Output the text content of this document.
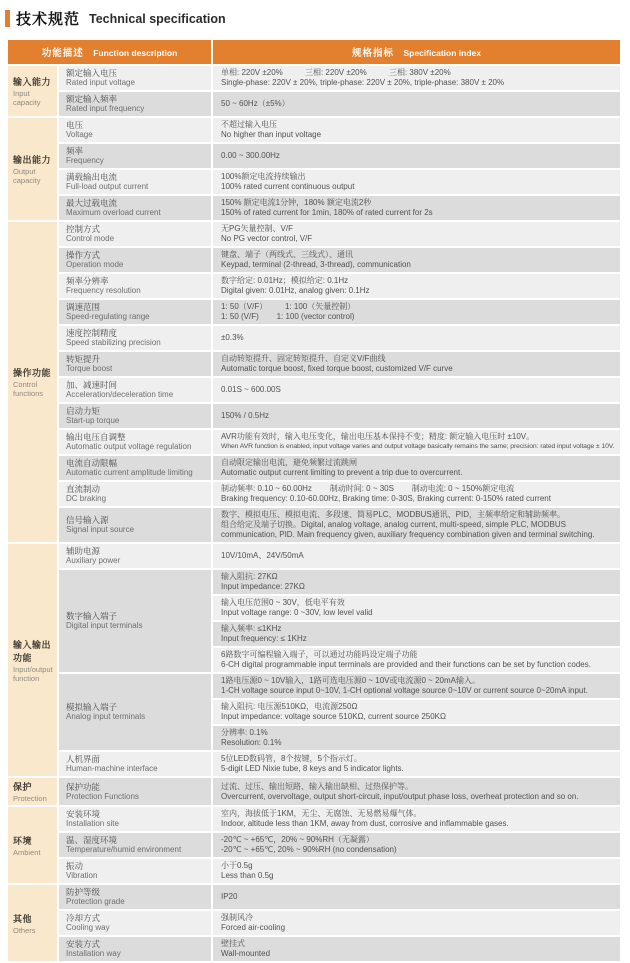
技术规范 Technical specification
功能描述 Function description		规格指标 Specification index

输入能力
Input capacity	额定输入电压
Rated input voltage	单相: 220V ±20%          三相: 220V ±20%          三相: 380V ±20%
Single-phase: 220V ± 20%, triple-phase: 220V ± 20%, triple-phase: 380V ± 20%

	额定输入频率
Rated input frequency	50 ~ 60Hz（±5%）

输出能力
Output capacity	电压
Voltage	不超过输入电压
No higher than input voltage

	频率
Frequency	0.00 ~ 300.00Hz

	满载输出电流
Full-load output current	100%额定电流持续输出
100% rated current continuous output

	最大过载电流
Maximum overload current	150% 额定电流1分钟，180% 额定电流2秒
150% of rated current for 1min, 180% of rated current for 2s

操作功能
Control functions	控制方式
Control mode	无PG矢量控制、V/F
No PG vector control, V/F

	操作方式
Operation mode	键盘、端子（两线式、三线式）、通讯
Keypad, terminal (2-thread, 3-thread), communication

	频率分辨率
Frequency resolution	数字给定: 0.01Hz；模拟给定: 0.1Hz
Digital given: 0.01Hz, analog given: 0.1Hz

	调速范围
Speed-regulating range	1: 50（V/F）        1: 100（矢量控制）
1: 50 (V/F)        1: 100 (vector control)

	速度控制精度
Speed stabilizing precision	±0.3%

	转矩提升
Torque boost	自动转矩提升、固定转矩提升、自定义V/F曲线
Automatic torque boost, fixed torque boost, customized V/F curve

	加、减速时间
Acceleration/deceleration time	0.01S ~ 600.00S

	启动力矩
Start-up torque	150% / 0.5Hz

	输出电压自调整
Automatic output voltage regulation	AVR功能有效时，输入电压变化，输出电压基本保持不变；精度: 额定输入电压时 ±10V。
When AVR function is enabled, input voltage varies and output voltage basically remains the same; precision: rated input voltage ± 10V.

	电流自动限幅
Automatic current amplitude limiting	自动限定输出电流，避免频繁过流跳闸
Automatic output current limiting to prevent a trip due to overcurrent.

	直流制动
DC braking	制动频率: 0.10 ~ 60.00Hz        制动时间: 0 ~ 30S        制动电流: 0 ~ 150%额定电流
Braking frequency: 0.10-60.00Hz, Braking time: 0-30S, Braking current: 0-150% rated current

	信号输入源
Signal input source	数字、模拟电压、模拟电流、多段速、简易PLC、MODBUS通讯、PID，主频率给定和辅助频率。
组合给定及端子切换。Digital, analog voltage, analog current, multi-speed, simple PLC, MODBUS
communication, PID. Main frequency given, auxiliary frequency combination given and terminal switching.

输入输出功能
Input/output function	辅助电源
Auxiliary power	10V/10mA、24V/50mA

	数字输入端子
Digital input terminals	输入阻抗: 27KΩ
Input impedance: 27KΩ

		输入电压范围0 ~ 30V，低电平有效
Input voltage range: 0 ~30V, low level valid

		输入频率: ≤1KHz
Input frequency: ≤ 1KHz

		6路数字可编程输入端子，可以通过功能吗设定端子功能
6-CH digital programmable input terminals are provided and their functions can be set by function codes.

	模拟输入端子
Analog input terminals	1路电压源0 ~ 10V输入，1路可选电压源0 ~ 10V或电流源0 ~ 20mA输入。
1-CH voltage source input 0~10V, 1-CH optional voltage source 0~10V or current source 0~20mA input.

		输入阻抗: 电压源510KΩ，电流源250Ω
Input impedance: voltage source 510KΩ, current source 250KΩ

		分辨率: 0.1%
Resolution: 0.1%

	人机界面
Human-machine interface	5位LED数码管，8个按键，5个指示灯。
5-digit LED Nixie tube, 8 keys and 5 indicator lights.

保护
Protection	保护功能
Protection Functions	过流、过压、输出短路、输入输出缺相、过热保护等。
Overcurrent, overvoltage, output short-circuit, input/output phase loss, overheat protection and so on.

环境
Ambient	安装环境
Installation site	室内，海拔低于1KM，无尘、无腐蚀、无易燃易爆气体。
Indoor, altitude less than 1KM, away from dust, corrosive and inflammable gases.

	温、湿度环境
Temperature/humid environment	-20℃ ~ +65℃，20% ~ 90%RH（无凝露）
-20℃ ~ +65℃, 20% ~ 90%RH (no condensation)

	振动
Vibration	小于0.5g
Less than 0.5g

其他
Others	防护等级
Protection grade	IP20

	冷却方式
Cooling way	强制风冷
Forced air-cooling

	安装方式
Installation way	壁挂式
Wall-mounted
